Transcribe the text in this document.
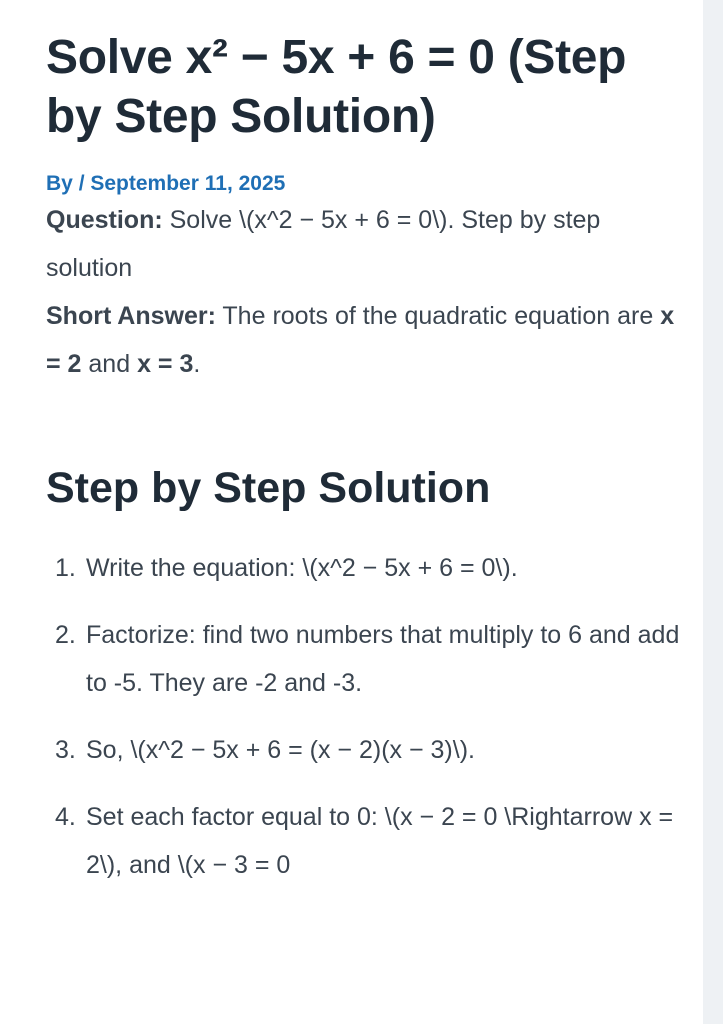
Solve x² − 5x + 6 = 0 (Step by Step Solution)
By / September 11, 2025

Question: Solve \(x^2 − 5x + 6 = 0\). Step by step solution

Short Answer: The roots of the quadratic equation are x = 2 and x = 3.

Step by Step Solution
1. Write the equation: \(x^2 − 5x + 6 = 0\).
2. Factorize: find two numbers that multiply to 6 and add to -5. They are -2 and -3.
3. So, \(x^2 − 5x + 6 = (x − 2)(x − 3)\).
4. Set each factor equal to 0: \(x − 2 = 0 \Rightarrow x = 2\), and \(x − 3 = 0
